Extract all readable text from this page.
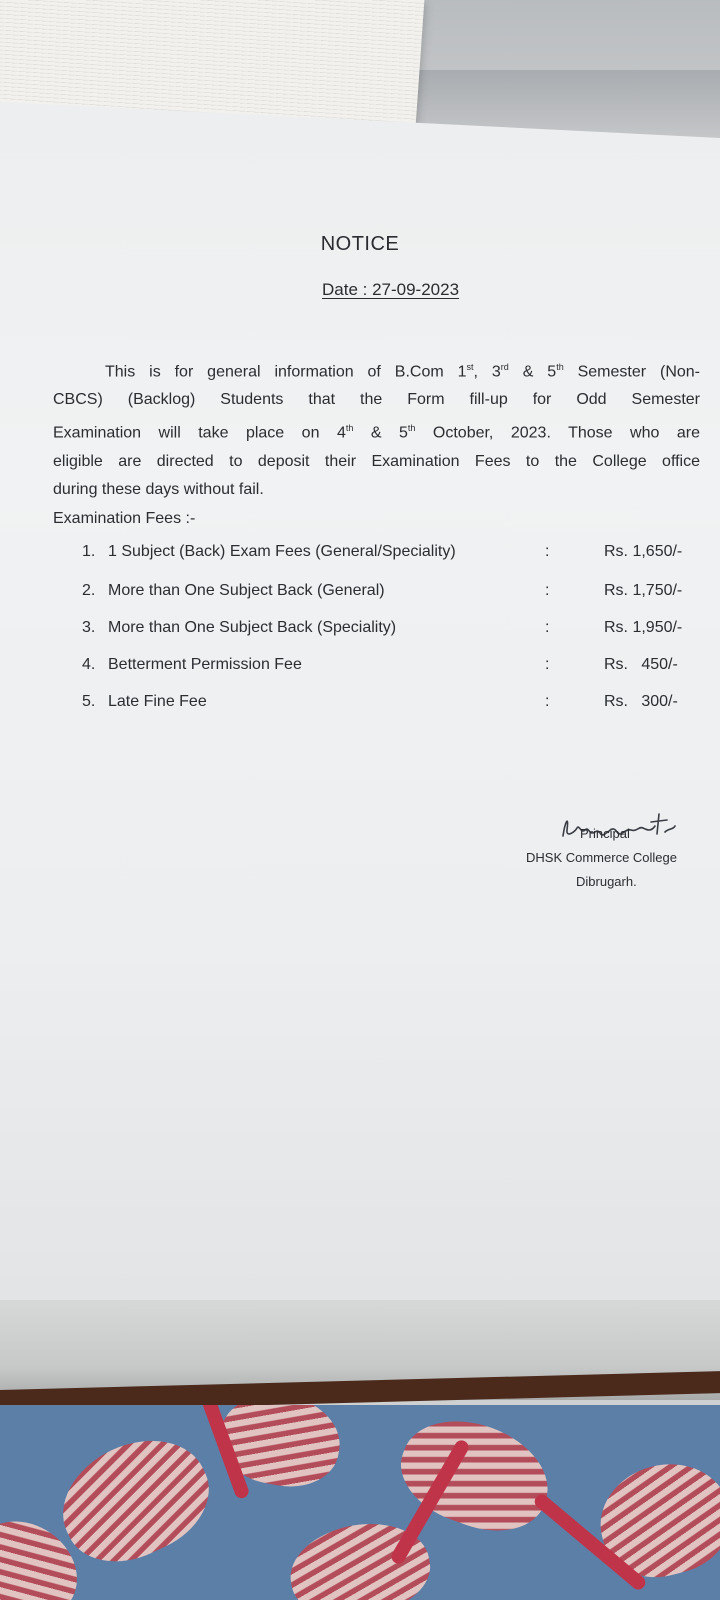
NOTICE
Date : 27-09-2023
This is for general information of B.Com 1st, 3rd & 5th Semester (Non-
CBCS) (Backlog) Students that the Form fill-up for Odd Semester
Examination will take place on 4th & 5th October, 2023. Those who are
eligible are directed to deposit their Examination Fees to the College office
during these days without fail.
Examination Fees :-
1. 1 Subject (Back) Exam Fees (General/Speciality)	:	Rs. 1,650/-
2. More than One Subject Back (General)	:	Rs. 1,750/-
3. More than One Subject Back (Speciality)	:	Rs. 1,950/-
4. Betterment Permission Fee	:	Rs.   450/-
5. Late Fine Fee	:	Rs.   300/-
Principal
DHSK Commerce College
Dibrugarh.
